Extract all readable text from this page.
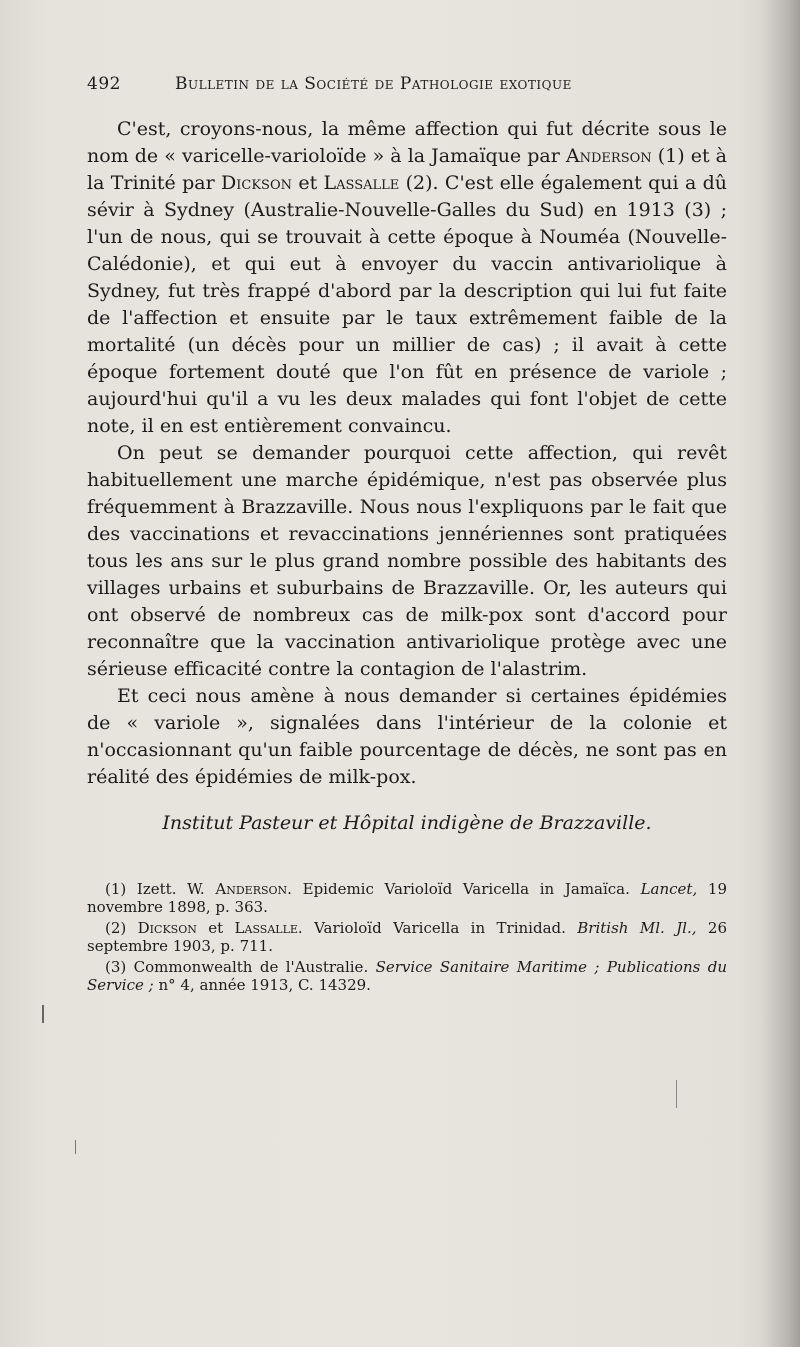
492	Bulletin de la Société de Pathologie exotique

C'est, croyons-nous, la même affection qui fut décrite sous le nom de « varicelle-varioloïde » à la Jamaïque par Anderson (1) et à la Trinité par Dickson et Lassalle (2). C'est elle également qui a dû sévir à Sydney (Australie-Nouvelle-Galles du Sud) en 1913 (3) ; l'un de nous, qui se trouvait à cette époque à Nouméa (Nouvelle-Calédonie), et qui eut à envoyer du vaccin antivariolique à Sydney, fut très frappé d'abord par la description qui lui fut faite de l'affection et ensuite par le taux extrêmement faible de la mortalité (un décès pour un millier de cas) ; il avait à cette époque fortement douté que l'on fût en présence de variole ; aujourd'hui qu'il a vu les deux malades qui font l'objet de cette note, il en est entièrement convaincu.

On peut se demander pourquoi cette affection, qui revêt habituellement une marche épidémique, n'est pas observée plus fréquemment à Brazzaville. Nous nous l'expliquons par le fait que des vaccinations et revaccinations jennériennes sont pratiquées tous les ans sur le plus grand nombre possible des habitants des villages urbains et suburbains de Brazzaville. Or, les auteurs qui ont observé de nombreux cas de milk-pox sont d'accord pour reconnaître que la vaccination antivariolique protège avec une sérieuse efficacité contre la contagion de l'alastrim.

Et ceci nous amène à nous demander si certaines épidémies de « variole », signalées dans l'intérieur de la colonie et n'occasionnant qu'un faible pourcentage de décès, ne sont pas en réalité des épidémies de milk-pox.

Institut Pasteur et Hôpital indigène de Brazzaville.

(1) Izett. W. Anderson. Epidemic Varioloïd Varicella in Jamaïca. Lancet, 19 novembre 1898, p. 363.

(2) Dickson et Lassalle. Varioloïd Varicella in Trinidad. British Ml. Jl., 26 septembre 1903, p. 711.

(3) Commonwealth de l'Australie. Service Sanitaire Maritime ; Publications du Service ; n° 4, année 1913, C. 14329.
